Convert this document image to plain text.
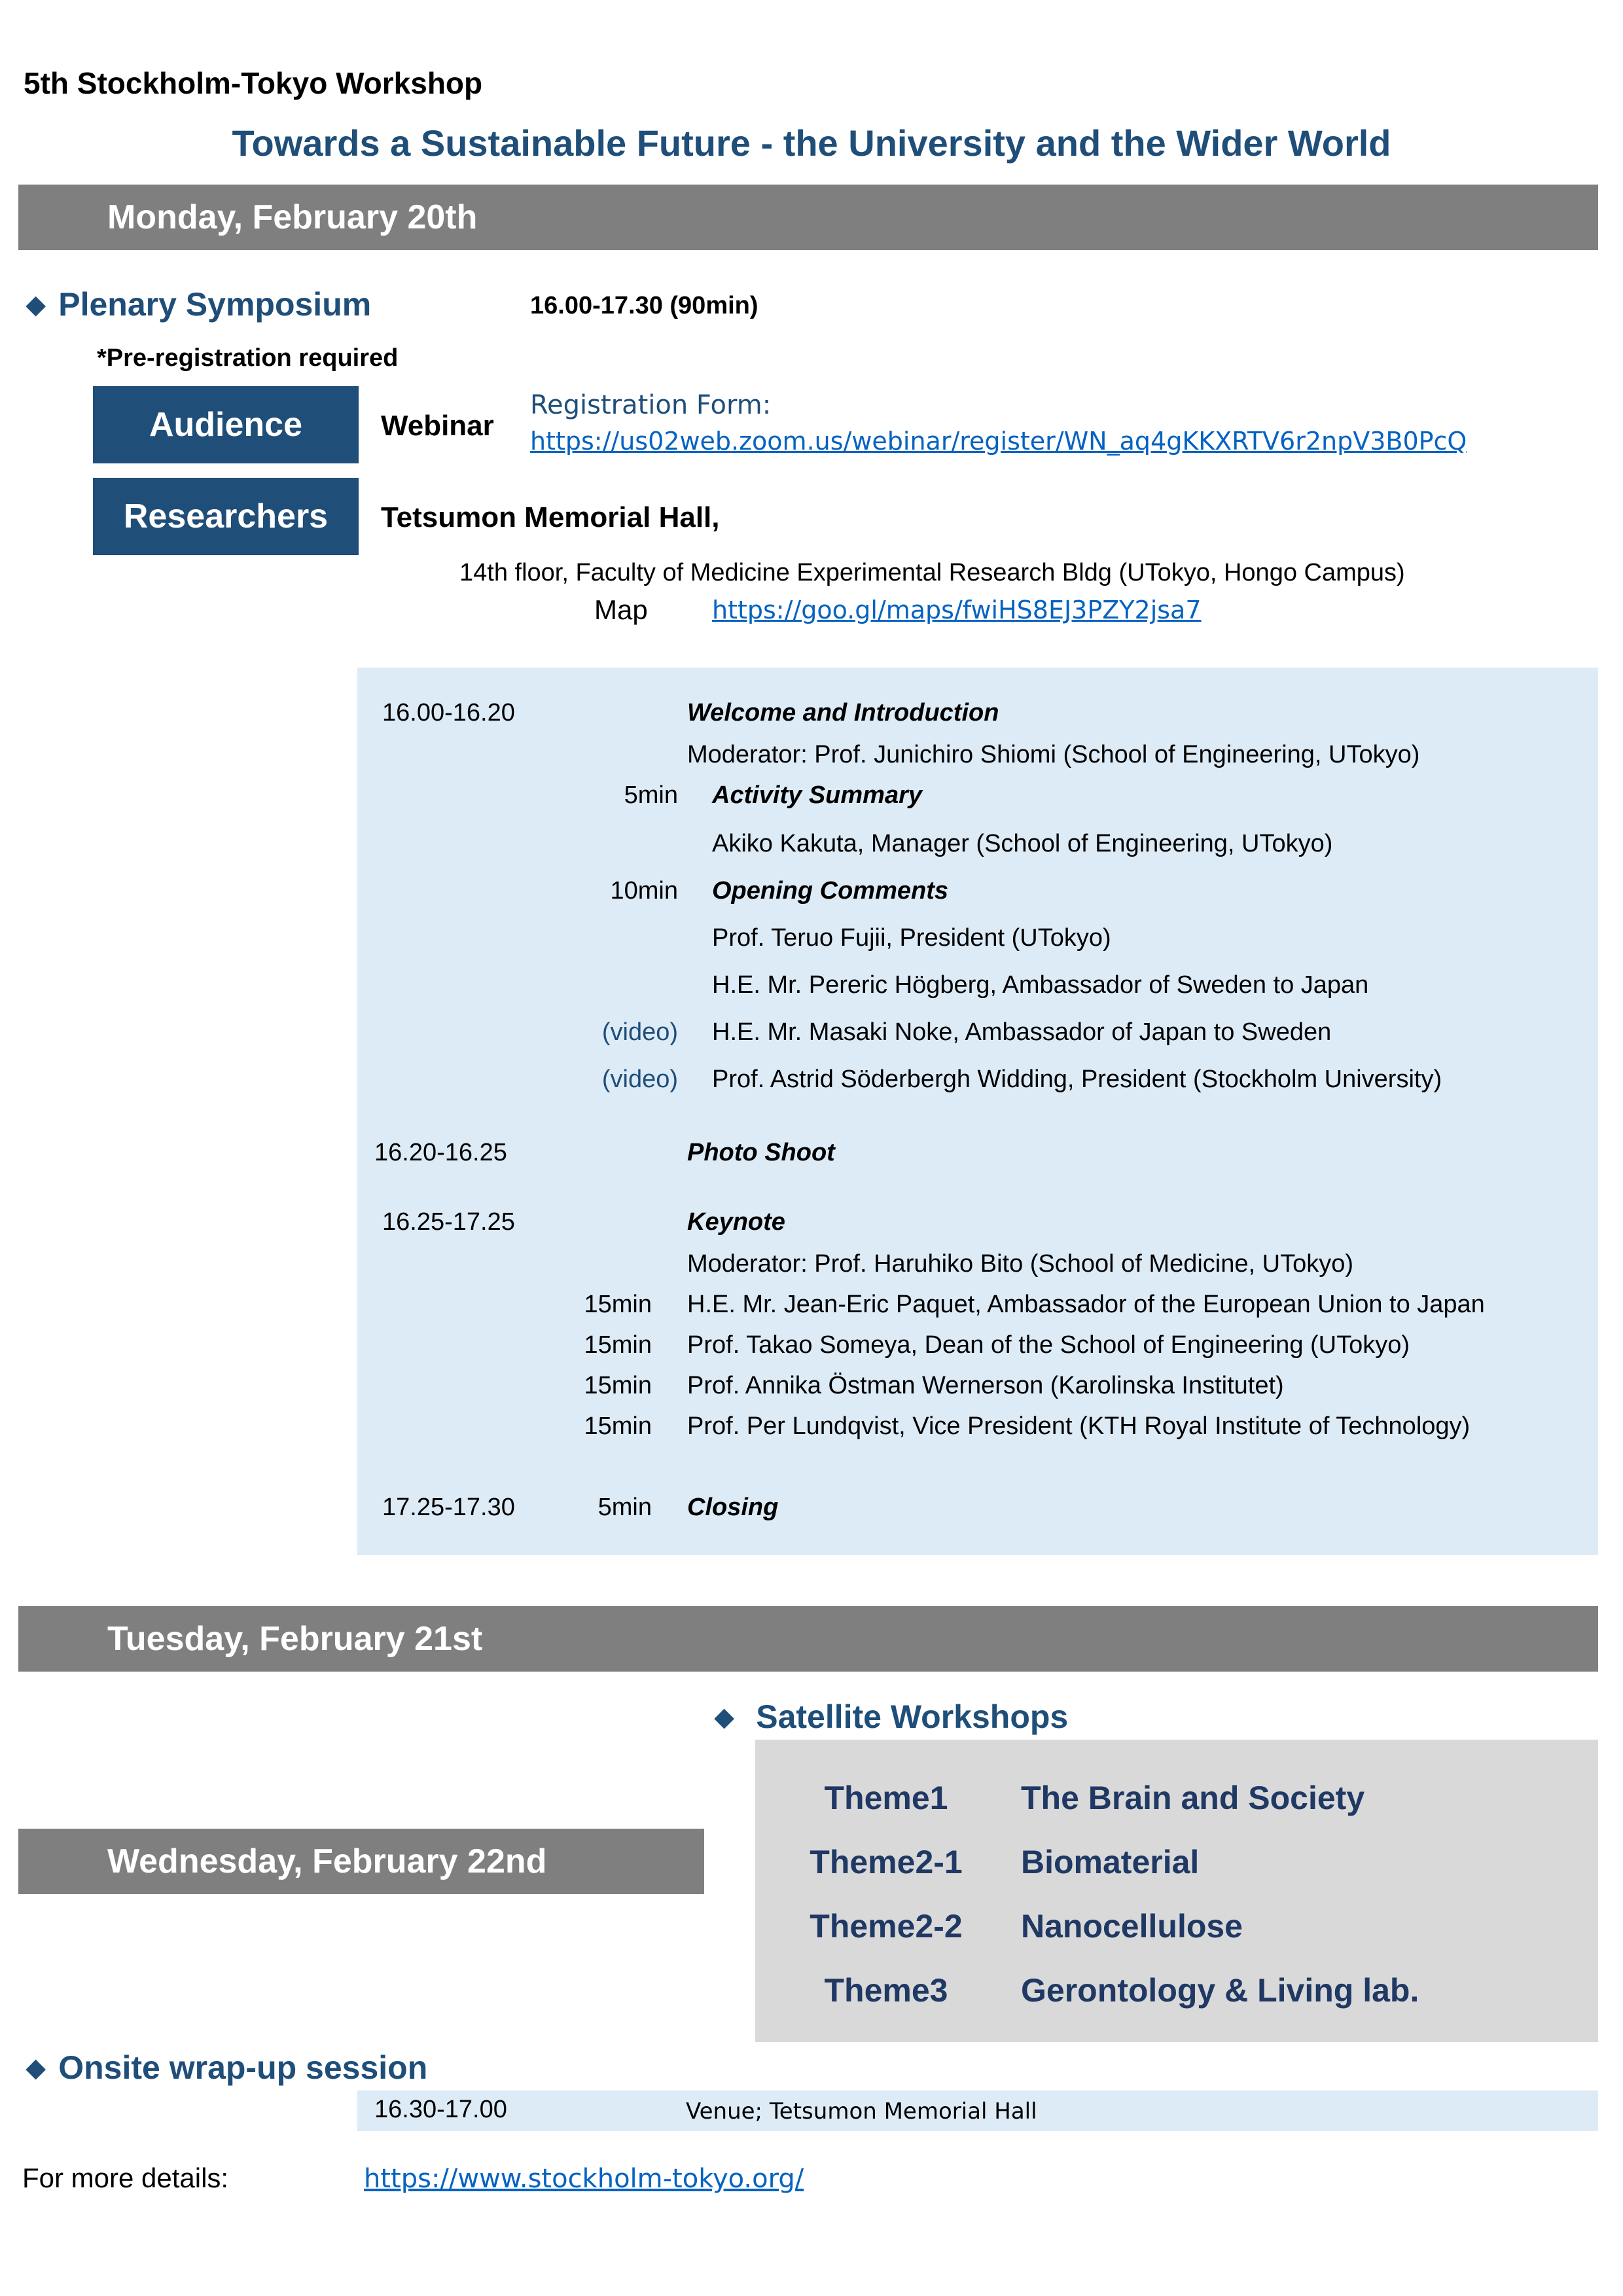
5th Stockholm-Tokyo Workshop
Towards a Sustainable Future - the University and the Wider World
Monday, February 20th
◆ Plenary Symposium	16.00-17.30 (90min)
*Pre-registration required
Audience	Webinar
Registration Form:
https://us02web.zoom.us/webinar/register/WN_aq4gKKXRTV6r2npV3B0PcQ
Researchers Tetsumon Memorial Hall,
14th floor, Faculty of Medicine Experimental Research Bldg (UTokyo, Hongo Campus)
Map	https://goo.gl/maps/fwiHS8EJ3PZY2jsa7
16.00-16.20	Welcome and Introduction
Moderator: Prof. Junichiro Shiomi (School of Engineering, UTokyo)
5min Activity Summary
Akiko Kakuta, Manager (School of Engineering, UTokyo)
10min Opening Comments
Prof. Teruo Fujii, President (UTokyo)
H.E. Mr. Pereric Högberg, Ambassador of Sweden to Japan
(video) H.E. Mr. Masaki Noke, Ambassador of Japan to Sweden
(video) Prof. Astrid Söderbergh Widding, President (Stockholm University)
16.20-16.25	Photo Shoot
16.25-17.25	Keynote
Moderator: Prof. Haruhiko Bito (School of Medicine, UTokyo)
15min H.E. Mr. Jean-Eric Paquet, Ambassador of the European Union to Japan
15min Prof. Takao Someya, Dean of the School of Engineering (UTokyo)
15min Prof. Annika Östman Wernerson (Karolinska Institutet)
15min Prof. Per Lundqvist, Vice President (KTH Royal Institute of Technology)
17.25-17.30	5min Closing
Tuesday, February 21st
◆ Satellite Workshops
Theme1	The Brain and Society
Theme2-1	Biomaterial
Theme2-2	Nanocellulose
Theme3	Gerontology & Living lab.
Wednesday, February 22nd
◆ Onsite wrap-up session
16.30-17.00	Venue; Tetsumon Memorial Hall
For more details:	https://www.stockholm-tokyo.org/
